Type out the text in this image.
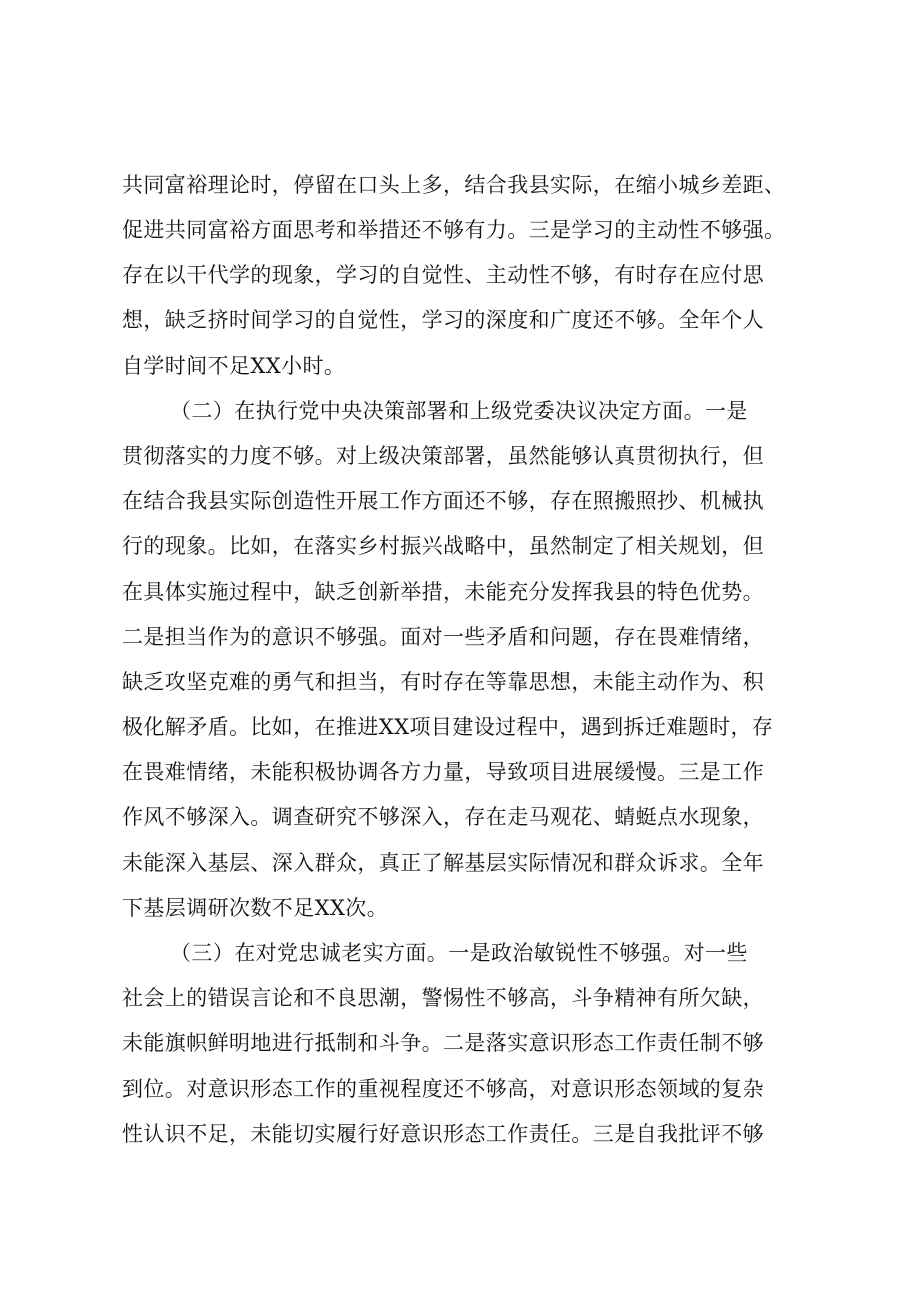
共同富裕理论时，停留在口头上多，结合我县实际，在缩小城乡差距、
促进共同富裕方面思考和举措还不够有力。三是学习的主动性不够强。
存在以干代学的现象，学习的自觉性、主动性不够，有时存在应付思
想，缺乏挤时间学习的自觉性，学习的深度和广度还不够。全年个人
自学时间不足XX小时。
（二）在执行党中央决策部署和上级党委决议决定方面。一是
贯彻落实的力度不够。对上级决策部署，虽然能够认真贯彻执行，但
在结合我县实际创造性开展工作方面还不够，存在照搬照抄、机械执
行的现象。比如，在落实乡村振兴战略中，虽然制定了相关规划，但
在具体实施过程中，缺乏创新举措，未能充分发挥我县的特色优势。
二是担当作为的意识不够强。面对一些矛盾和问题，存在畏难情绪，
缺乏攻坚克难的勇气和担当，有时存在等靠思想，未能主动作为、积
极化解矛盾。比如，在推进XX项目建设过程中，遇到拆迁难题时，存
在畏难情绪，未能积极协调各方力量，导致项目进展缓慢。三是工作
作风不够深入。调查研究不够深入，存在走马观花、蜻蜓点水现象，
未能深入基层、深入群众，真正了解基层实际情况和群众诉求。全年
下基层调研次数不足XX次。
（三）在对党忠诚老实方面。一是政治敏锐性不够强。对一些
社会上的错误言论和不良思潮，警惕性不够高，斗争精神有所欠缺，
未能旗帜鲜明地进行抵制和斗争。二是落实意识形态工作责任制不够
到位。对意识形态工作的重视程度还不够高，对意识形态领域的复杂
性认识不足，未能切实履行好意识形态工作责任。三是自我批评不够
